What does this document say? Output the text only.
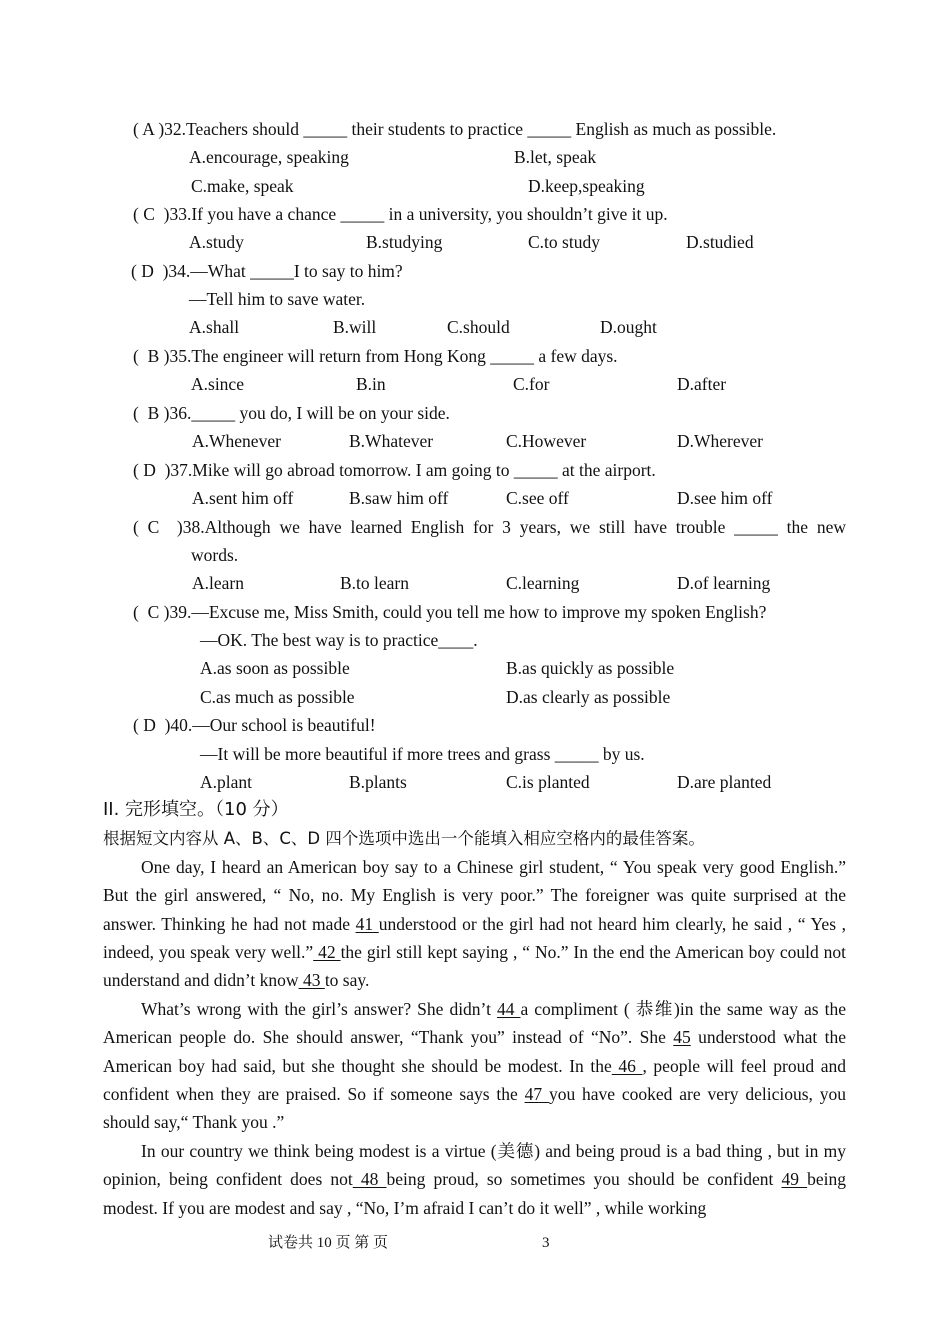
( A )32.Teachers should _____ their students to practice _____ English as much as possible.
A.encourage, speaking	B.let, speak
C.make, speak	D.keep,speaking
( C  )33.If you have a chance _____ in a university, you shouldn’t give it up.
A.study	B.studying	C.to study	D.studied
( D  )34.—What _____I to say to him?
—Tell him to save water.
A.shall	B.will	C.should	D.ought
(  B )35.The engineer will return from Hong Kong _____ a few days.
A.since	B.in	C.for	D.after
(  B )36._____ you do, I will be on your side.
A.Whenever	B.Whatever	C.However	D.Wherever
( D  )37.Mike will go abroad tomorrow. I am going to _____ at the airport.
A.sent him off	B.saw him off	C.see off	D.see him off
( C  )38.Although we have learned English for 3 years, we still have trouble _____ the new
words.
A.learn	B.to learn	C.learning	D.of learning
(  C )39.—Excuse me, Miss Smith, could you tell me how to improve my spoken English?
—OK. The best way is to practice____.
A.as soon as possible	B.as quickly as possible
C.as much as possible	D.as clearly as possible
( D  )40.—Our school is beautiful!
—It will be more beautiful if more trees and grass _____ by us.
A.plant	B.plants	C.is planted	D.are planted
II. 完形填空。（10 分）
根据短文内容从 A、B、C、D 四个选项中选出一个能填入相应空格内的最佳答案。
One day, I heard an American boy say to a Chinese girl student, “ You speak very good English.” But the girl answered, “ No, no. My English is very poor.” The foreigner was quite surprised at the answer. Thinking he had not made 41 understood or the girl had not heard him clearly, he said , “ Yes , indeed, you speak very well.” 42 the girl still kept saying , “ No.” In the end the American boy could not understand and didn’t know 43 to say.
What’s wrong with the girl’s answer? She didn’t 44 a compliment ( 恭维)in the same way as the American people do. She should answer, “Thank you” instead of “No”. She 45 understood what the American boy had said, but she thought she should be modest. In the 46 , people will feel proud and confident when they are praised. So if someone says the 47 you have cooked are very delicious, you should say,“ Thank you .”
In our country we think being modest is a virtue (美德) and being proud is a bad thing , but in my opinion, being confident does not 48 being proud, so sometimes you should be confident 49 being modest. If you are modest and say , “No, I’m afraid I can’t do it well” , while working
试卷共 10 页 第 页	3
